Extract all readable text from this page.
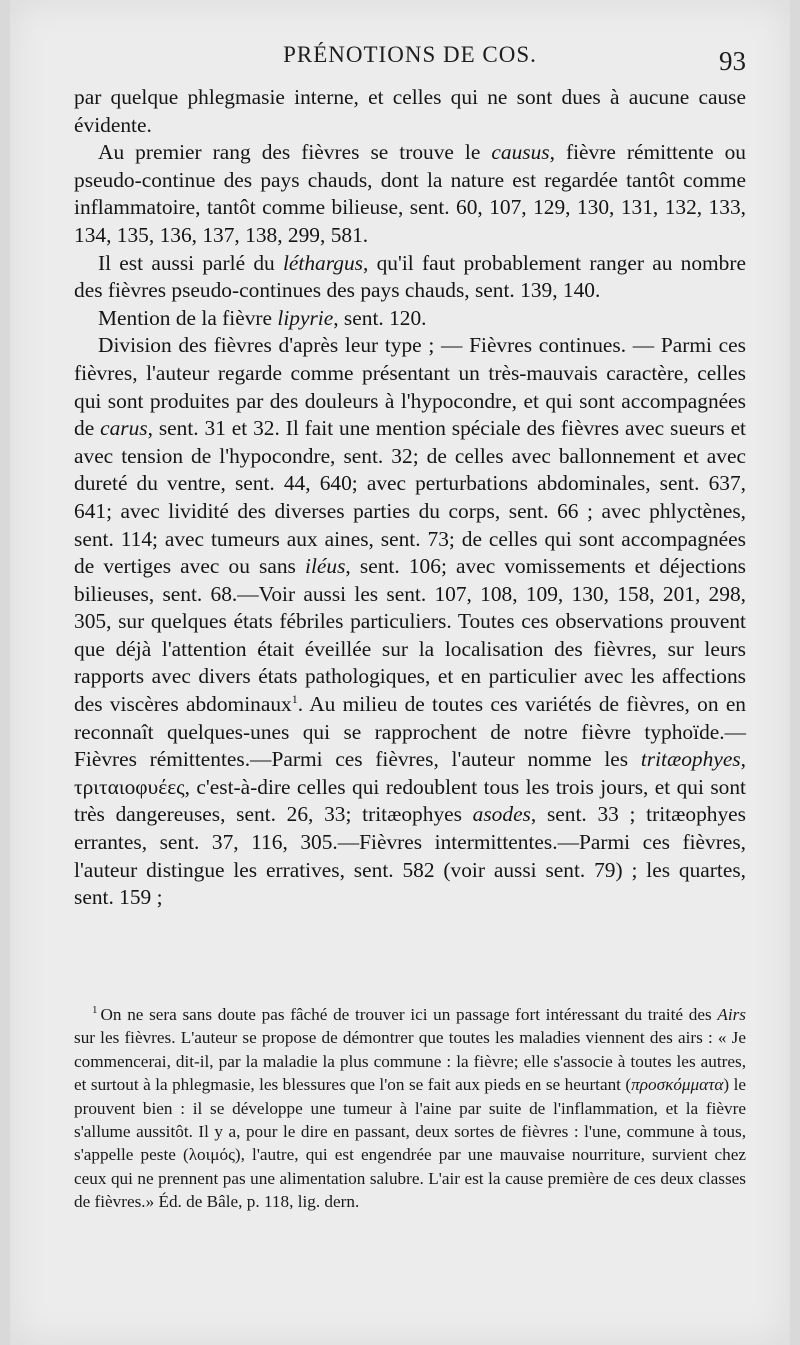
PRÉNOTIONS DE COS.	93

par quelque phlegmasie interne, et celles qui ne sont dues à aucune cause évidente.

Au premier rang des fièvres se trouve le causus, fièvre rémittente ou pseudo-continue des pays chauds, dont la nature est regardée tantôt comme inflammatoire, tantôt comme bilieuse, sent. 60, 107, 129, 130, 131, 132, 133, 134, 135, 136, 137, 138, 299, 581.

Il est aussi parlé du léthargus, qu'il faut probablement ranger au nombre des fièvres pseudo-continues des pays chauds, sent. 139, 140.

Mention de la fièvre lipyrie, sent. 120.

Division des fièvres d'après leur type ; — Fièvres continues. — Parmi ces fièvres, l'auteur regarde comme présentant un très-mauvais caractère, celles qui sont produites par des douleurs à l'hypocondre, et qui sont accompagnées de carus, sent. 31 et 32. Il fait une mention spéciale des fièvres avec sueurs et avec tension de l'hypocondre, sent. 32; de celles avec ballonnement et avec dureté du ventre, sent. 44, 640; avec perturbations abdominales, sent. 637, 641; avec lividité des diverses parties du corps, sent. 66 ; avec phlyctènes, sent. 114; avec tumeurs aux aines, sent. 73; de celles qui sont accompagnées de vertiges avec ou sans iléus, sent. 106; avec vomissements et déjections bilieuses, sent. 68.—Voir aussi les sent. 107, 108, 109, 130, 158, 201, 298, 305, sur quelques états fébriles particuliers. Toutes ces observations prouvent que déjà l'attention était éveillée sur la localisation des fièvres, sur leurs rapports avec divers états pathologiques, et en particulier avec les affections des viscères abdominaux$^1$. Au milieu de toutes ces variétés de fièvres, on en reconnaît quelques-unes qui se rapprochent de notre fièvre typhoïde.— Fièvres rémittentes.—Parmi ces fièvres, l'auteur nomme les tritæophyes, τριταιοφυέες, c'est-à-dire celles qui redoublent tous les trois jours, et qui sont très dangereuses, sent. 26, 33; tritæophyes asodes, sent. 33 ; tritæophyes errantes, sent. 37, 116, 305.—Fièvres intermittentes.—Parmi ces fièvres, l'auteur distingue les erratives, sent. 582 (voir aussi sent. 79) ; les quartes, sent. 159 ;

$^1$ On ne sera sans doute pas fâché de trouver ici un passage fort intéressant du traité des Airs sur les fièvres. L'auteur se propose de démontrer que toutes les maladies viennent des airs : « Je commencerai, dit-il, par la maladie la plus commune : la fièvre; elle s'associe à toutes les autres, et surtout à la phlegmasie, les blessures que l'on se fait aux pieds en se heurtant (προσκόμματα) le prouvent bien : il se développe une tumeur à l'aine par suite de l'inflammation, et la fièvre s'allume aussitôt. Il y a, pour le dire en passant, deux sortes de fièvres : l'une, commune à tous, s'appelle peste (λοιμός), l'autre, qui est engendrée par une mauvaise nourriture, survient chez ceux qui ne prennent pas une alimentation salubre. L'air est la cause première de ces deux classes de fièvres.» Éd. de Bâle, p. 118, lig. dern.
